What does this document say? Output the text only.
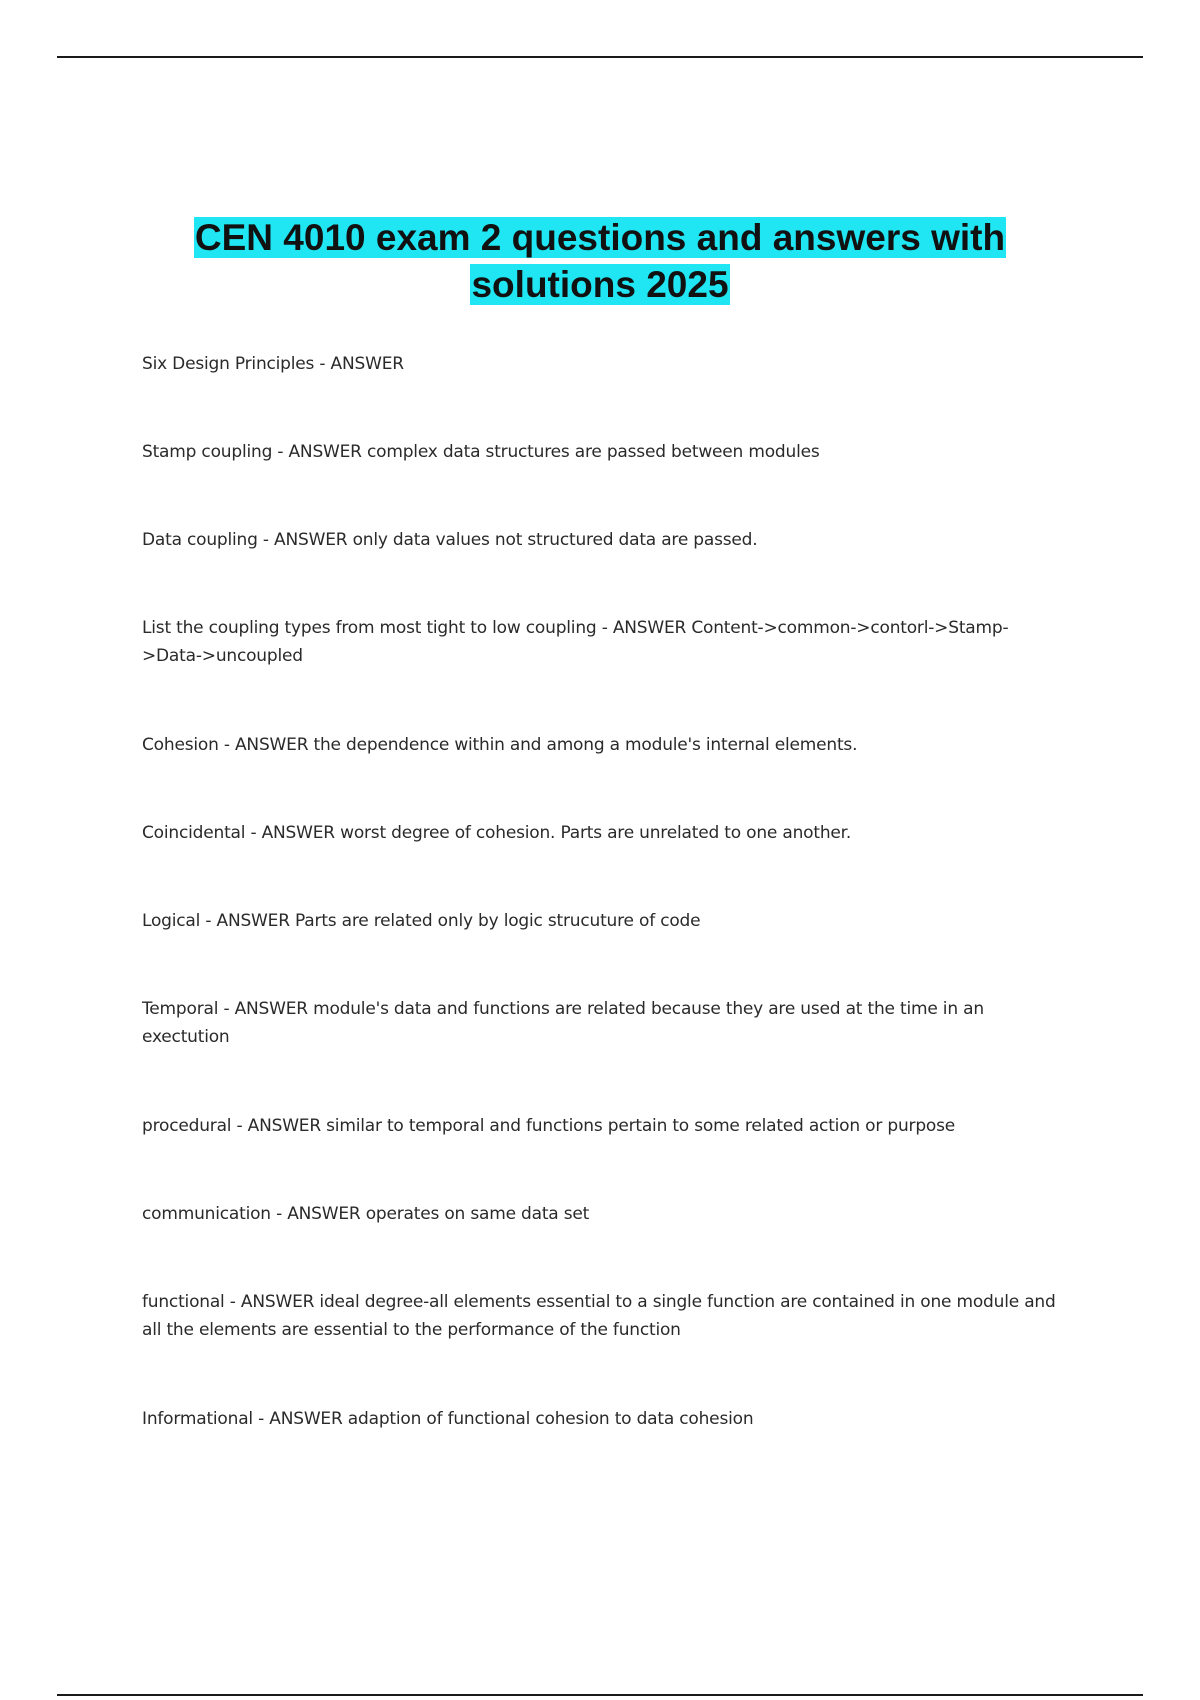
CEN 4010 exam 2 questions and answers with
solutions 2025
Six Design Principles - ANSWER
Stamp coupling - ANSWER complex data structures are passed between modules
Data coupling - ANSWER only data values not structured data are passed.
List the coupling types from most tight to low coupling - ANSWER Content->common->contorl->Stamp->Data->uncoupled
Cohesion - ANSWER the dependence within and among a module's internal elements.
Coincidental - ANSWER worst degree of cohesion. Parts are unrelated to one another.
Logical - ANSWER Parts are related only by logic strucuture of code
Temporal - ANSWER module's data and functions are related because they are used at the time in an exectution
procedural - ANSWER similar to temporal and functions pertain to some related action or purpose
communication - ANSWER operates on same data set
functional - ANSWER ideal degree-all elements essential to a single function are contained in one module and all the elements are essential to the performance of the function
Informational - ANSWER adaption of functional cohesion to data cohesion
